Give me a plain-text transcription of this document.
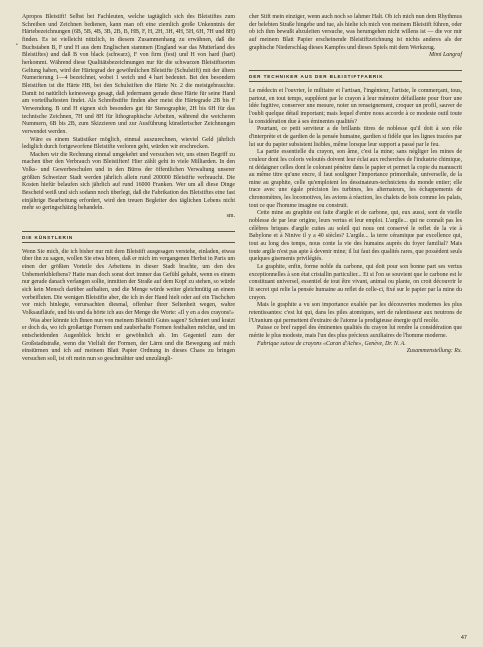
•

Apropos Bleistift! Selbst bei Fachleuten, welche tagtäglich sich des Bleistiftes zum Schreiben und Zeichnen bedienen, kann man oft eine ziemlich große Unkenntnis der Härtebezeichnungen (6B, 5B, 4B, 3B, 2B, B, HB, F, H, 2H, 3H, 4H, 5H, 6H, 7H und 8H) finden. Es ist vielleicht nützlich, in diesem Zusammenhang zu erwähnen, daß die Buchstaben B, F und H aus dem Englischen stammen (England war das Mutterland des Bleistiftes) und daß B von black (schwarz), F von firm (fest) und H von hard (hart) herkommt. Während diese Qualitätsbezeichnungen nur für die schwarzen Bleistiftsorten Geltung haben, wird der Härtegrad der gewöhnlichen Bleistifte (Schulstift) mit der ältern Numerierung 1—4 bezeichnet, wobei 1 weich und 4 hart bedeutet. Bei den besondern Bleistiften ist die Härte HB, bei den Schulstiften die Härte Nr. 2 die meistgebrauchte. Damit ist natürlich keineswegs gesagt, daß jedermann gerade diese Härte für seine Hand am vorteilhaftesten findet. Als Schreibstifte finden aber meist die Härtegrade 2B bis F Verwendung. B und H eignen sich besonders gut für Stenographie, 2H bis 6H für das technische Zeichnen, 7H und 8H für lithographische Arbeiten, während die weicheren Nummern, 6B bis 2B, zum Skizzieren und zur Ausführung künstlerischer Zeichnungen verwendet werden.

Wäre es einem Statistiker möglich, einmal auszurechnen, wieviel Geld jährlich lediglich durch fortgeworfene Bleistifte verloren geht, würden wir erschrecken.

Machen wir die Rechnung einmal umgekehrt und versuchen wir, uns einen Begriff zu machen über den Verbrauch von Bleistiften! Hier zählt geht in viele Milliarden. In den Volks- und Gewerbeschulen und in den Büros der öffentlichen Verwaltung unserer größten Schweizer Stadt werden jährlich allein rund 200000 Bleistifte verbraucht. Die Kosten hiefür belaufen sich jährlich auf rund 16000 Franken. Wer um all diese Dinge Bescheid weiß und sich sodann noch überlegt, daß die Fabrikation des Bleistiftes eine fast einjährige Bearbeitung erfordert, wird den treuen Begleiter des täglichen Lebens nicht mehr so geringschätzig behandeln.

sm.

DIE KÜNSTLERIN

Wenn Sie mich, die ich bisher nur mit dem Bleistift ausgesagen verstehe, einladen, etwas über ihn zu sagen, wollen Sie etwa hören, daß er mich im vergangenen Herbst in Paris um einen der größten Vorteile des Arbeitens in dieser Stadt brachte, um den des Unbemerktbleibens? Hatte man doch sonst dort immer das Gefühl gehabt, wenn es einem nur gerade danach verlangen sollte, inmitten der Straße auf dem Kopf zu stehen, so würde sich kein Mensch darüber aufhalten, und die Menge würde weiter gleichmütig an einem vorbeifluten. Die wenigen Bleistifte aber, die ich in der Hand hielt oder auf ein Tischchen vor mich hinlegte, verursachten diesmal, offenbar ihrer Seltenheit wegen, wahre Volksaufläufe, und bis und da hörte ich aus der Menge die Worte: «Il y en a des crayons!»

Was aber könnte ich Ihnen nun von meinem Bleistift Gutes sagen? Schmiert und kratzt er doch da, wo ich großartige Formen und zauberhafte Formen festhalten möchte, und im entscheidenden Augenblick bricht er gewöhnlich ab. Im Gegenteil zum der Großstadtstraße, wenn die Vielfalt der Formen, der Lärm und die Bewegung auf mich einstürmen und ich auf meinem Blatt Papier Ordnung in dieses Chaos zu bringen versuchen soll, ist oft mein nun so geschmähter und unzulängli-

cher Stift mein einziger, wenn auch noch so lahmer Halt. Ob ich mich nun dem Rhythmus der belebten Straße hingebe und tue, als hielte ich mich von meinem Bleistift führen, oder ob ich ihm bewußt abzuleiten versuche, was herumgehen nicht willens ist — die vor mir auf meinem Blatt Papier erscheinende Bleistiftzeichnung ist nichts anderes als der graphische Niederschlag dieses Kampfes und dieses Spiels mit dem Werkzeug.

Mimi Langraf

DER TECHNIKER AUS DER BLEISTIFTFABRIK

Le médecin et l'ouvrier, le militaire et l'artisan, l'ingénieur, l'artiste, le commerçant, tous, partout, en tout temps, suppléent par le crayon à leur mémoire défaillante pour fixer une idée fugitive, conserver une mesure, noter un renseignement, croquer un profil, sauver de l'oubli quelque détail important; mais lequel d'entre nous accorde à ce modeste outil toute la considération due à ses éminentes qualités?

Pourtant, ce petit serviteur a de brillants titres de noblesse qu'il doit à son rôle d'interprète et de gardien de la pensée humaine, gardien si fidèle que les lignes tracées par lui sur du papier subsistent lisibles, même lorsque leur support a passé par le feu.

La partie essentielle du crayon, son âme, c'est la mine; sans négliger les mines de couleur dont les coloris veloutés doivent leur éclat aux recherches de l'industrie chimique, ni dédaigner celles dont le colorant pénètre dans le papier et permet la copie du manuscrit au même titre qu'une encre, il faut souligner l'importance primordiale, universelle, de la mine au graphite, celle qu'emploient les dessinateurs-techniciens du monde entier; elle trace avec une égale précision les turbines, les alternateurs, les échappements de chronomètres, les locomotives, les avions à réaction, les chalets de bois comme les palais, tout ce que l'homme imagine ou construit.

Cette mine au graphite est faite d'argile et de carbone, qui, eux aussi, sont de vieille noblesse de par leur origine, leurs vertus et leur emploi. L'argile... qui ne connaît pas les célèbres briques d'argile cuites au soleil qui nous ont conservé le reflet de la vie à Babylone et à Ninive il y a 40 siècles? L'argile... la terre céramique par excellence qui, tout au long des temps, nous conte la vie des humains auprès du foyer familial? Mais toute argile n'est pas apte à devenir mine; il lui faut des qualités rares, que possèdent seuls quelques gisements privilégiés.

Le graphite, enfin, forme noble du carbone, qui doit pour son bonne part ses vertus exceptionnelles à son état cristallin particulier... Et si l'on se souvient que le carbone est le constituant universel, essentiel de tout être vivant, animal ou plante, on croit découvrir le lit secret qui relie la pensée humaine au reflet de celle-ci, fixé sur le papier par la mine du crayon.

Mais le graphite a vu son importance exaltée par les découvertes modernes les plus retentissantes: c'est lui qui, dans les piles atomiques, sert de ralentisseur aux neutrons de l'Uranium qui permettent d'extraire de l'atome la prodigieuse énergie qu'il recèle.

Puisse ce bref rappel des éminentes qualités du crayon lui rendre la considération que mérite le plus modeste, mais l'un des plus précieux auxiliaires de l'homme moderne.

Fabrique suisse de crayons «Caran d'Ache», Genève, Dr. N. A.

Zusammenstellung: Rx.

47
